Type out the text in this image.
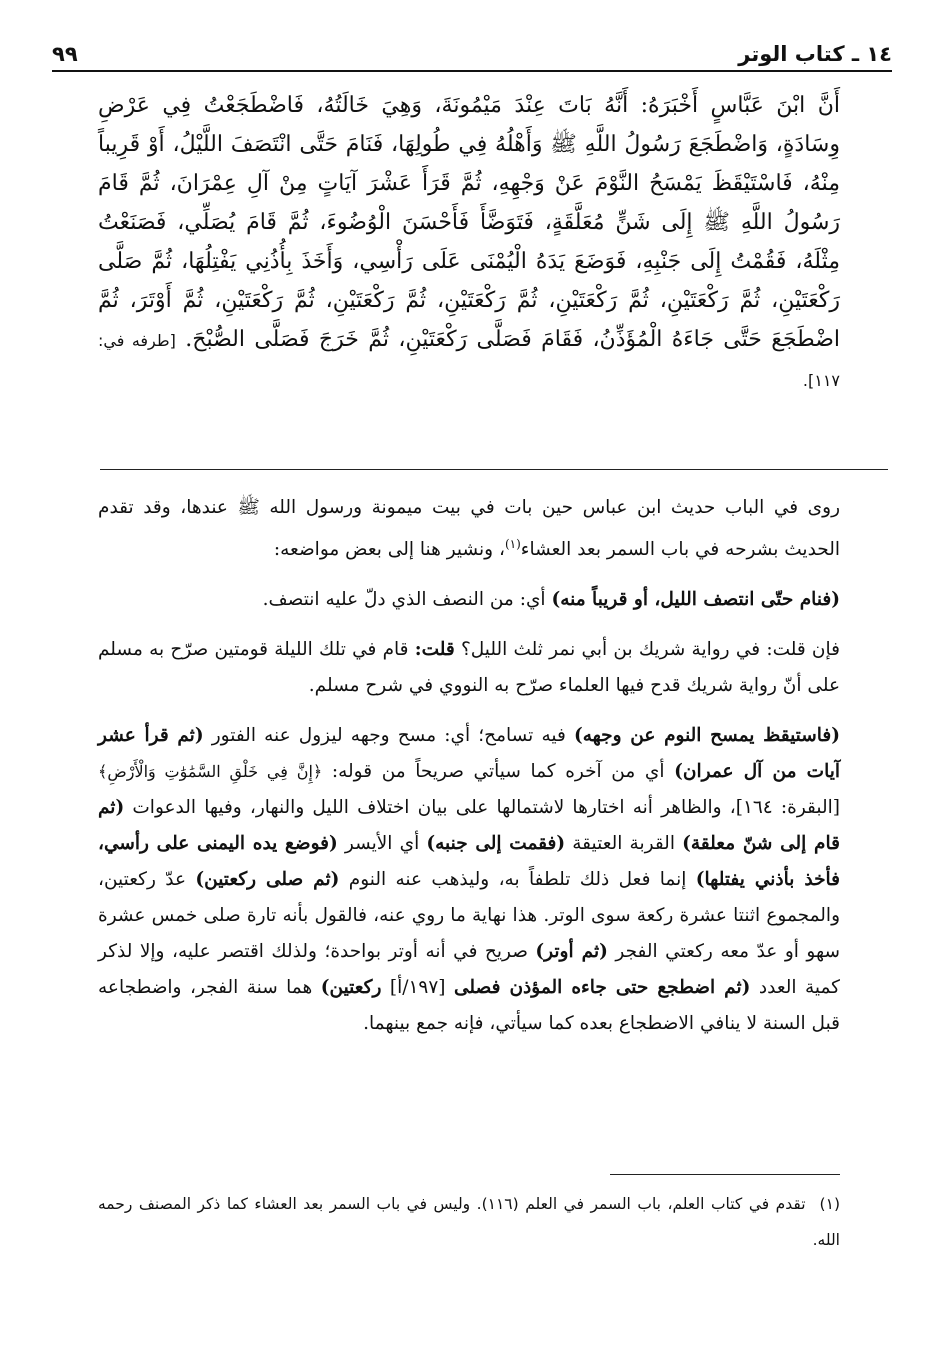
١٤ ـ كتاب الوتر
٩٩

أَنَّ ابْنَ عَبَّاسٍ أَخْبَرَهُ: أَنَّهُ بَاتَ عِنْدَ مَيْمُونَةَ، وَهِيَ خَالَتُهُ، فَاضْطَجَعْتُ فِي عَرْضِ وِسَادَةٍ، وَاضْطَجَعَ رَسُولُ اللَّهِ ﷺ وَأَهْلُهُ فِي طُولِهَا، فَنَامَ حَتَّى انْتَصَفَ اللَّيْلُ، أَوْ قَرِيباً مِنْهُ، فَاسْتَيْقَظَ يَمْسَحُ النَّوْمَ عَنْ وَجْهِهِ، ثُمَّ قَرَأَ عَشْرَ آيَاتٍ مِنْ آلِ عِمْرَانَ، ثُمَّ قَامَ رَسُولُ اللَّهِ ﷺ إِلَى شَنٍّ مُعَلَّقَةٍ، فَتَوَضَّأَ فَأَحْسَنَ الْوُضُوءَ، ثُمَّ قَامَ يُصَلِّي، فَصَنَعْتُ مِثْلَهُ، فَقُمْتُ إِلَى جَنْبِهِ، فَوَضَعَ يَدَهُ الْيُمْنَى عَلَى رَأْسِي، وَأَخَذَ بِأُذُنِي يَفْتِلُهَا، ثُمَّ صَلَّى رَكْعَتَيْنِ، ثُمَّ رَكْعَتَيْنِ، ثُمَّ رَكْعَتَيْنِ، ثُمَّ رَكْعَتَيْنِ، ثُمَّ رَكْعَتَيْنِ، ثُمَّ رَكْعَتَيْنِ، ثُمَّ أَوْتَرَ، ثُمَّ اضْطَجَعَ حَتَّى جَاءَهُ الْمُؤَذِّنُ، فَقَامَ فَصَلَّى رَكْعَتَيْنِ، ثُمَّ خَرَجَ فَصَلَّى الصُّبْحَ. [طرفه في: ١١٧].

روى في الباب حديث ابن عباس حين بات في بيت ميمونة ورسول الله ﷺ عندها، وقد تقدم الحديث بشرحه في باب السمر بعد العشاء$^{(١)}$، ونشير هنا إلى بعض مواضعه:

(فنام حتّى انتصف الليل، أو قريباً منه) أي: من النصف الذي دلّ عليه انتصف.

فإن قلت: في رواية شريك بن أبي نمر ثلث الليل؟ قلت: قام في تلك الليلة قومتين صرّح به مسلم على أنّ رواية شريك قدح فيها العلماء صرّح به النووي في شرح مسلم.

(فاستيقظ يمسح النوم عن وجهه) فيه تسامح؛ أي: مسح وجهه ليزول عنه الفتور (ثم قرأ عشر آيات من آل عمران) أي من آخره كما سيأتي صريحاً من قوله: ﴿إِنَّ فِي خَلْقِ السَّمَٰوَٰتِ وَالْأَرْضِ﴾ [البقرة: ١٦٤]، والظاهر أنه اختارها لاشتمالها على بيان اختلاف الليل والنهار، وفيها الدعوات (ثم قام إلى شنّ معلقة) القربة العتيقة (فقمت إلى جنبه) أي الأيسر (فوضع يده اليمنى على رأسي، فأخذ بأذني يفتلها) إنما فعل ذلك تلطفاً به، وليذهب عنه النوم (ثم صلى ركعتين) عدّ ركعتين، والمجموع اثنتا عشرة ركعة سوى الوتر. هذا نهاية ما روي عنه، فالقول بأنه تارة صلى خمس عشرة سهو أو عدّ معه ركعتي الفجر (ثم أوتر) صريح في أنه أوتر بواحدة؛ ولذلك اقتصر عليه، وإلا لذكر كمية العدد (ثم اضطجع حتى جاءه المؤذن فصلى [١٩٧/أ] ركعتين) هما سنة الفجر، واضطجاعه قبل السنة لا ينافي الاضطجاع بعده كما سيأتي، فإنه جمع بينهما.

(١)تقدم في كتاب العلم، باب السمر في العلم (١١٦). وليس في باب السمر بعد العشاء كما ذكر المصنف رحمه الله.
